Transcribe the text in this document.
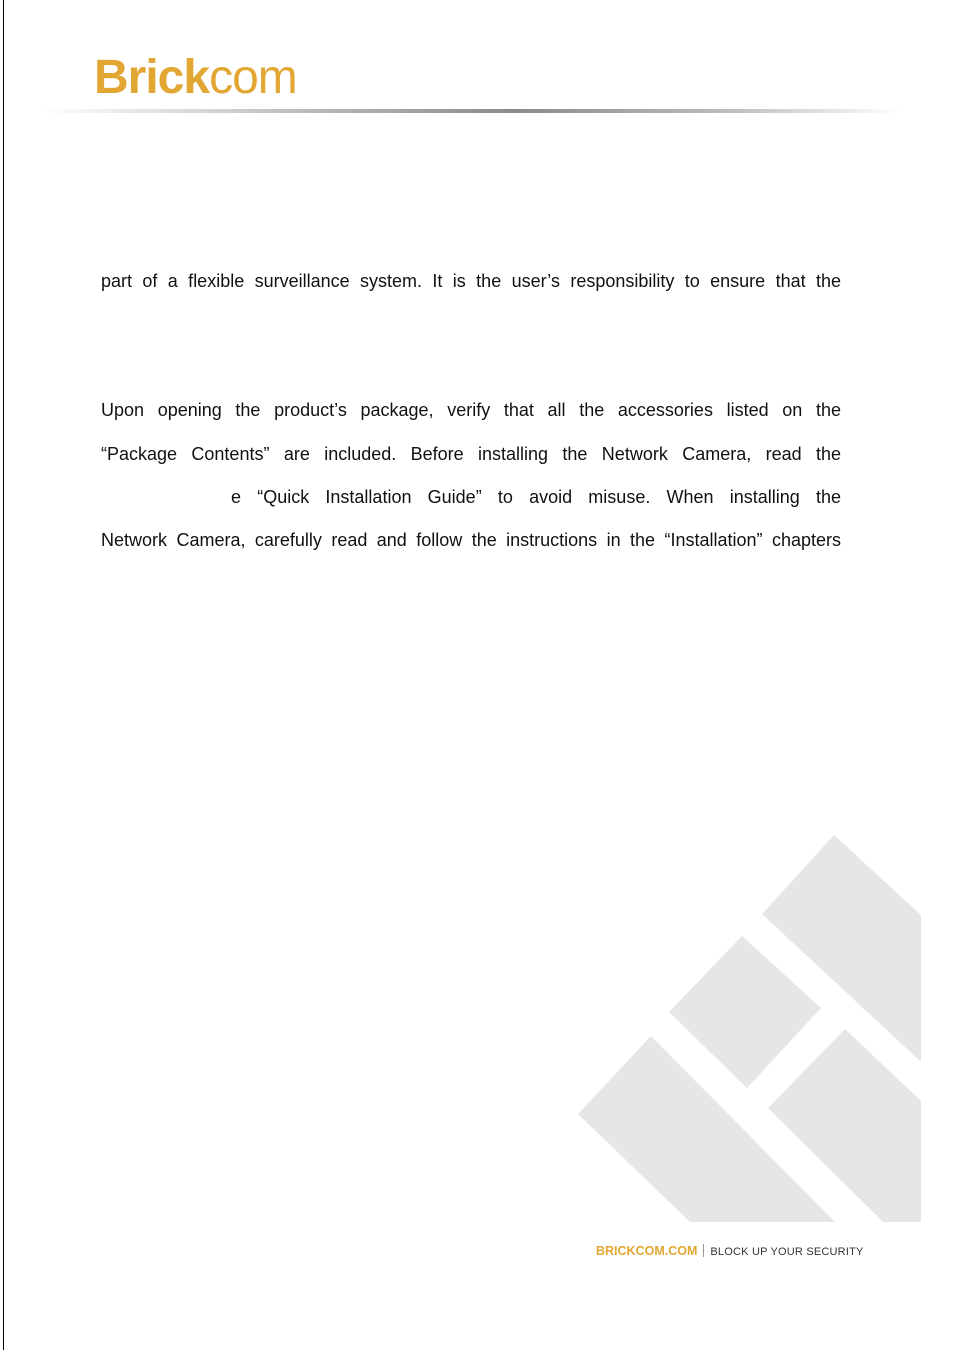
Brickcom
part of a flexible surveillance system. It is the user’s responsibility to ensure that the
Upon opening the product’s package, verify that all the accessories listed on the
“Package Contents” are included. Before installing the Network Camera, read the
e “Quick Installation Guide” to avoid misuse. When installing the
Network Camera, carefully read and follow the instructions in the “Installation” chapters
BRICKCOM.COM BLOCK UP YOUR SECURITY
